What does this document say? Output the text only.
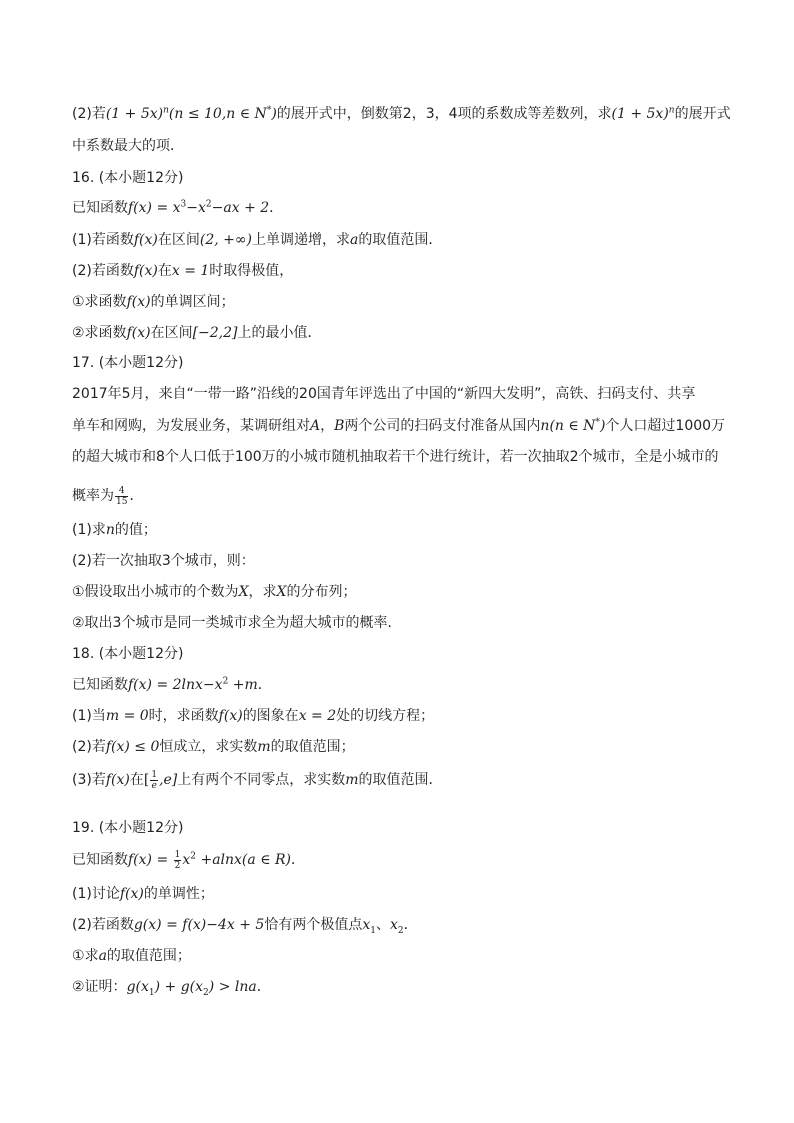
(2)若$(1 + 5x)^n(n \le 10,n$ ∈ N*)的展开式中，倒数第2，3，4项的系数成等差数列，求$(1 + 5x)^n$的展开式
中系数最大的项．
16. (本小题12分)
已知函数$f(x) = x^3-x^2-ax + 2$．
(1)若函数f(x)在区间(2, +∞)上单调递增，求a的取值范围．
(2)若函数f(x)在x = 1时取得极值，
①求函数f(x)的单调区间；
②求函数f(x)在区间[−2,2]上的最小值．
17. (本小题12分)
2017年5月，来自“一带一路”沿线的20国青年评选出了中国的“新四大发明”，高铁、扫码支付、共享
单车和网购，为发展业务，某调研组对A，B两个公司的扫码支付准备从国内n(n ∈ N*)个人口超过1000万
的超大城市和8个人口低于100万的小城市随机抽取若干个进行统计，若一次抽取2个城市，全是小城市的
概率为 $\frac{4}{15}$ ．
(1)求n的值；
(2)若一次抽取3个城市，则：
①假设取出小城市的个数为X，求X的分布列；
②取出3个城市是同一类城市求全为超大城市的概率．
18. (本小题12分)
已知函数$f(x) = 2\ln x-x^2 +m$．
(1)当m = 0时，求函数f(x)的图象在x = 2处的切线方程；
(2)若f(x) ≤ 0恒成立，求实数m的取值范围；
(3)若f(x)在[ $\frac{1}{e} ,e$]上有两个不同零点，求实数m的取值范围．
19. (本小题12分)
已知函数$f(x) = \frac{1}{2} x^2 +alnx(a$ ∈ R)．
(1)讨论f(x)的单调性；
(2)若函数g(x) = f(x)−4x + 5恰有两个极值点$x_1$、$x_2$．
①求a的取值范围；
②证明：$g(x_1) + g(x_2) > \ln a$．
